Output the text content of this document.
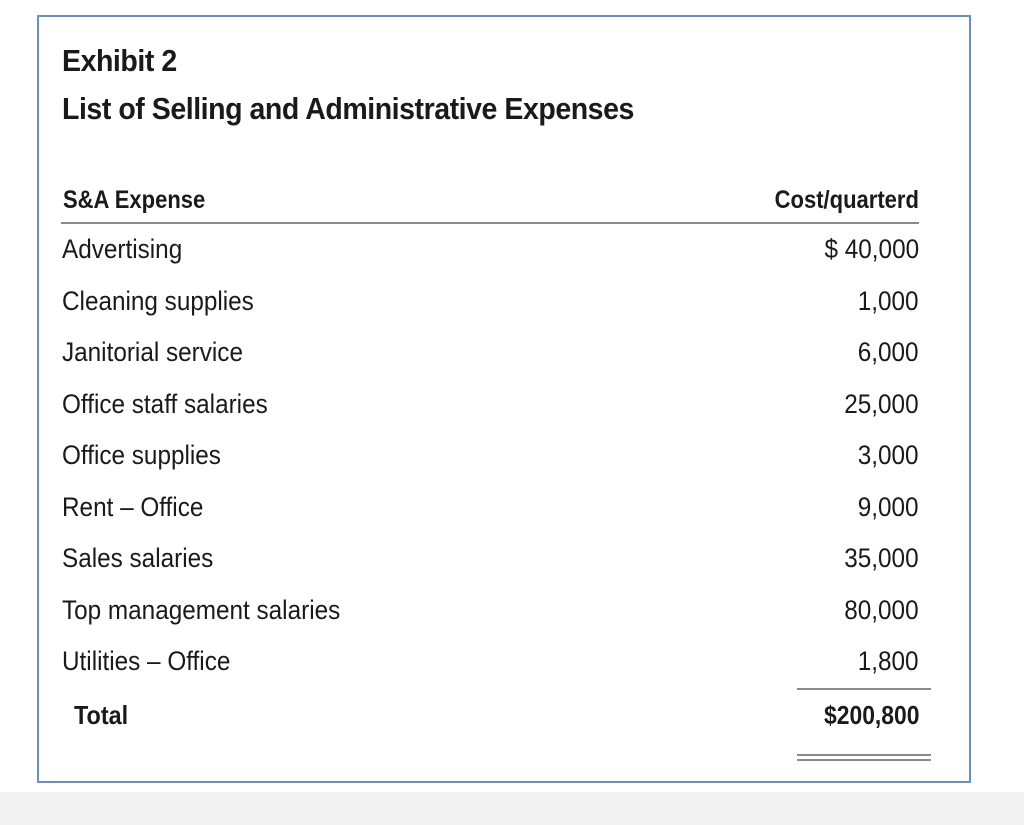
Exhibit 2
List of Selling and Administrative Expenses
S&A Expense	Cost/quarterd
Advertising	$ 40,000
Cleaning supplies	1,000
Janitorial service	6,000
Office staff salaries	25,000
Office supplies	3,000
Rent – Office	9,000
Sales salaries	35,000
Top management salaries	80,000
Utilities – Office	1,800
Total	$200,800
